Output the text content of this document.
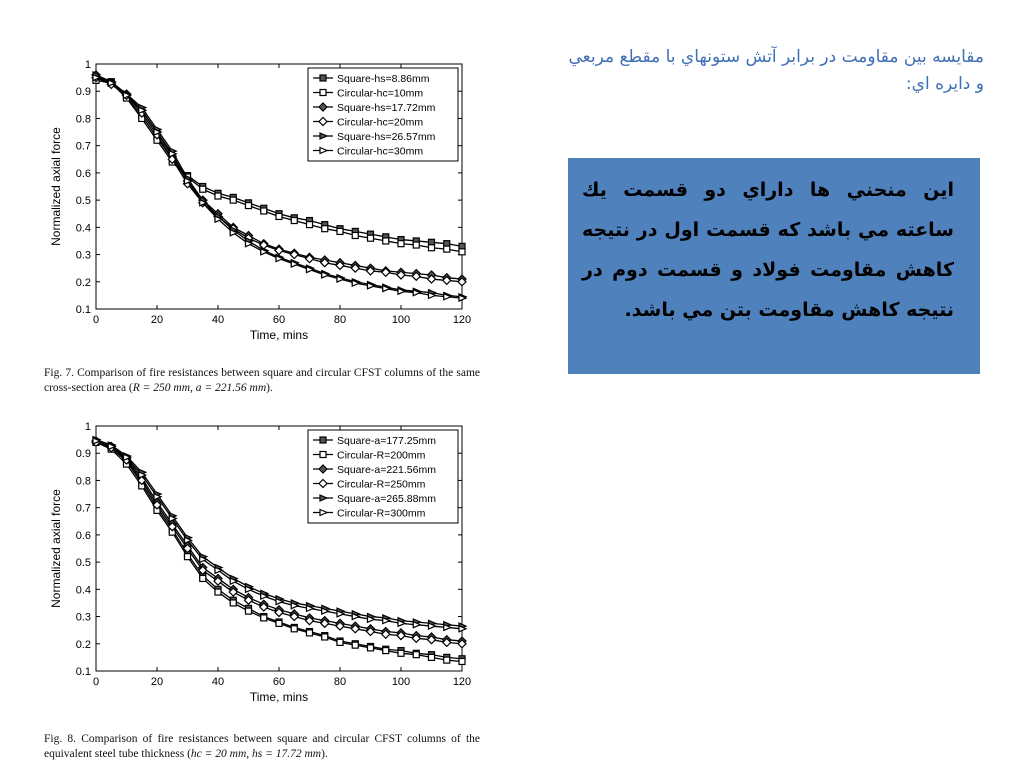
مقايسه بين مقاومت در برابر آتش ستونهاي با مقطع مربعي و دايره اي:
اين منحني ها داراي دو قسمت يك ساعته مي باشد كه قسمت اول در نتيجه كاهش مقاومت فولاد و قسمت دوم در نتيجه كاهش مقاومت بتن مي باشد.
0	20	40	60	80	100	120
0.1
0.2
0.3
0.4
0.5
0.6
0.7
0.8
0.9
1
Time, mins
Normalized axial force
Square-hs=8.86mm
Circular-hc=10mm
Square-hs=17.72mm
Circular-hc=20mm
Square-hs=26.57mm
Circular-hc=30mm
Fig. 7. Comparison of fire resistances between square and circular CFST columns of the same cross-section area (R = 250 mm, a = 221.56 mm).
0	20	40	60	80	100	120
0.1
0.2
0.3
0.4
0.5
0.6
0.7
0.8
0.9
1
Time, mins
Normalized axial force
Square-a=177.25mm
Circular-R=200mm
Square-a=221.56mm
Circular-R=250mm
Square-a=265.88mm
Circular-R=300mm
Fig. 8. Comparison of fire resistances between square and circular CFST columns of the equivalent steel tube thickness (hc = 20 mm, hs = 17.72 mm).
